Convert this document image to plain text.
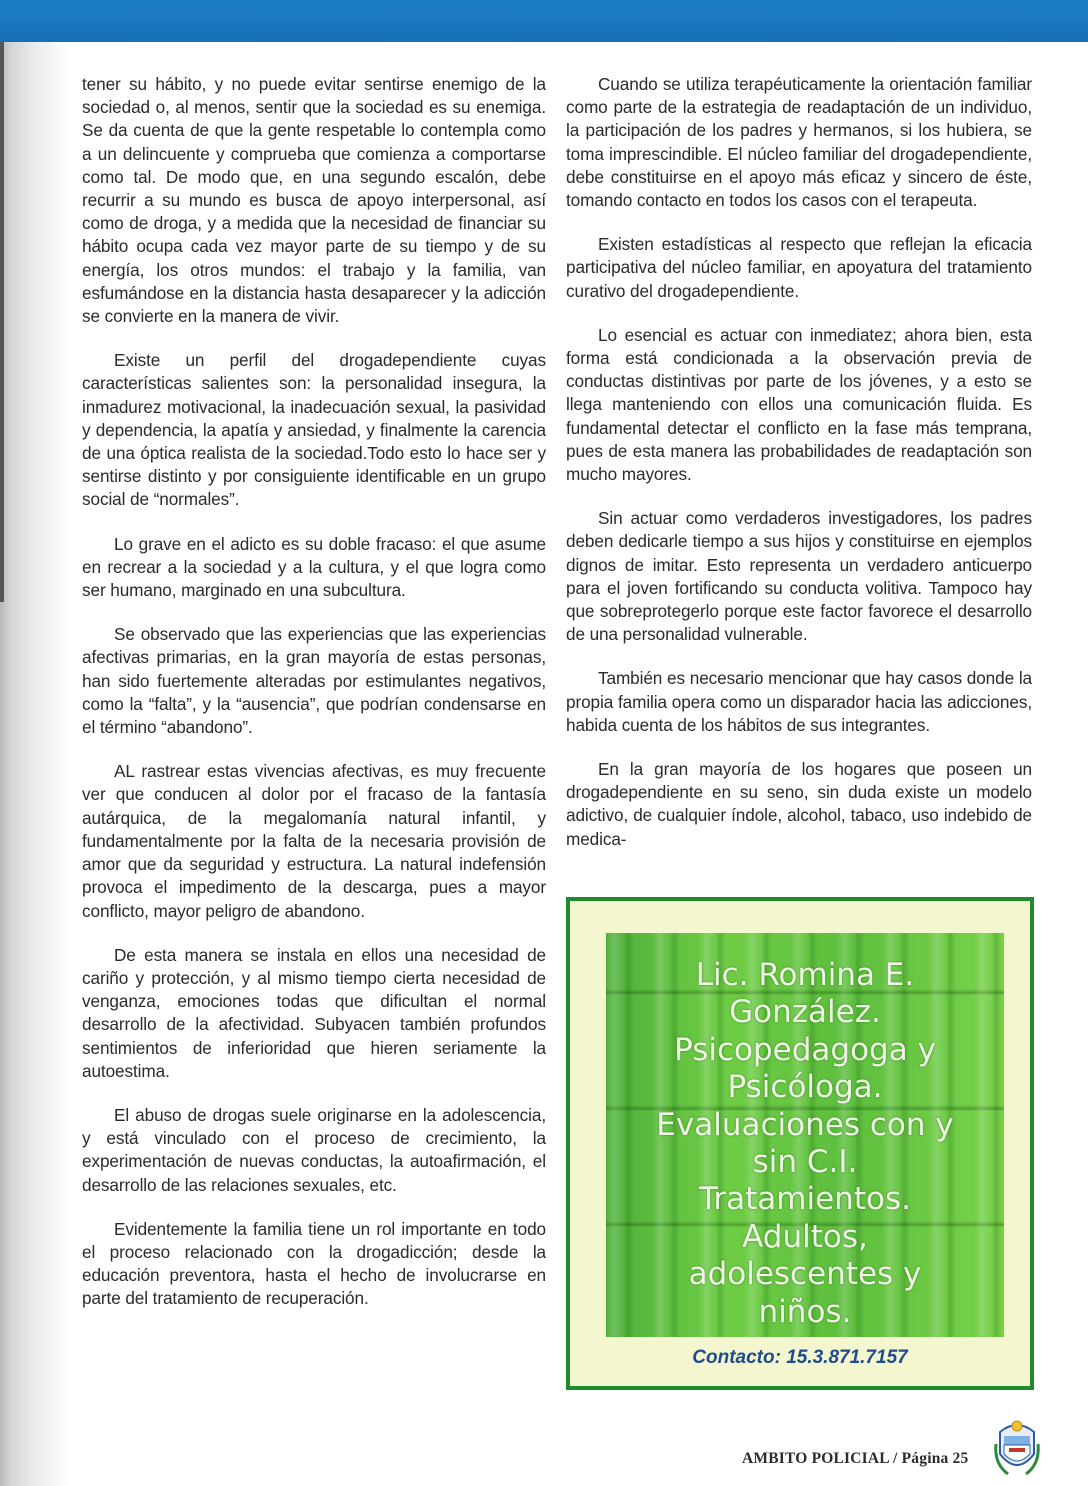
tener su hábito, y no puede evitar sentirse enemigo de la sociedad o, al menos, sentir que la sociedad es su enemiga. Se da cuenta de que la gente respetable lo contempla como a un delincuente y comprueba que comienza a comportarse como tal. De modo que, en una segundo escalón, debe recurrir a su mundo es busca de apoyo interpersonal, así como de droga, y a medida que la necesidad de financiar su hábito ocupa cada vez mayor parte de su tiempo y de su energía, los otros mundos: el trabajo y la familia, van esfumándose en la distancia hasta desaparecer y la adicción se convierte en la manera de vivir.

Existe un perfil del drogadependiente cuyas características salientes son: la personalidad insegura, la inmadurez motivacional, la inadecuación sexual, la pasividad y dependencia, la apatía y ansiedad, y finalmente la carencia de una óptica realista de la sociedad.Todo esto lo hace ser y sentirse distinto y por consiguiente identificable en un grupo social de “normales”.

Lo grave en el adicto es su doble fracaso: el que asume en recrear a la sociedad y a la cultura, y el que logra como ser humano, marginado en una subcultura.

Se observado que las experiencias que las experiencias afectivas primarias, en la gran mayoría de estas personas, han sido fuertemente alteradas por estimulantes negativos, como la “falta”, y la “ausencia”, que podrían condensarse en el término “abandono”.

AL rastrear estas vivencias afectivas, es muy frecuente ver que conducen al dolor por el fracaso de la fantasía autárquica, de la megalomanía natural infantil, y fundamentalmente por la falta de la necesaria provisión de amor que da seguridad y estructura. La natural indefensión provoca el impedimento de la descarga, pues a mayor conflicto, mayor peligro de abandono.

De esta manera se instala en ellos una necesidad de cariño y protección, y al mismo tiempo cierta necesidad de venganza, emociones todas que dificultan el normal desarrollo de la afectividad. Subyacen también profundos sentimientos de inferioridad que hieren seriamente la autoestima.

El abuso de drogas suele originarse en la adolescencia, y está vinculado con el proceso de crecimiento, la experimentación de nuevas conductas, la autoafirmación, el desarrollo de las relaciones sexuales, etc.

Evidentemente la familia tiene un rol importante en todo el proceso relacionado con la drogadicción; desde la educación preventora, hasta el hecho de involucrarse en parte del tratamiento de recuperación.

Cuando se utiliza terapéuticamente la orientación familiar como parte de la estrategia de readaptación de un individuo, la participación de los padres y hermanos, si los hubiera, se toma imprescindible. El núcleo familiar del drogadependiente, debe constituirse en el apoyo más eficaz y sincero de éste, tomando contacto en todos los casos con el terapeuta.

Existen estadísticas al respecto que reflejan la eficacia participativa del núcleo familiar, en apoyatura del tratamiento curativo del drogadependiente.

Lo esencial es actuar con inmediatez; ahora bien, esta forma está condicionada a la observación previa de conductas distintivas por parte de los jóvenes, y a esto se llega manteniendo con ellos una comunicación fluida. Es fundamental detectar el conflicto en la fase más temprana, pues de esta manera las probabilidades de readaptación son mucho mayores.

Sin actuar como verdaderos investigadores, los padres deben dedicarle tiempo a sus hijos y constituirse en ejemplos dignos de imitar. Esto representa un verdadero anticuerpo para el joven fortificando su conducta volitiva. Tampoco hay que sobreprotegerlo porque este factor favorece el desarrollo de una personalidad vulnerable.

También es necesario mencionar que hay casos donde la propia familia opera como un disparador hacia las adicciones, habida cuenta de los hábitos de sus integrantes.

En la gran mayoría de los hogares que poseen un drogadependiente en su seno, sin duda existe un modelo adictivo, de cualquier índole, alcohol, tabaco, uso indebido de medica-

Lic. Romina E.
González.
Psicopedagoga y
Psicóloga.
Evaluaciones con y
sin C.I.
Tratamientos.
Adultos,
adolescentes y
niños.
Contacto: 15.3.871.7157
AMBITO POLICIAL / Página 25
